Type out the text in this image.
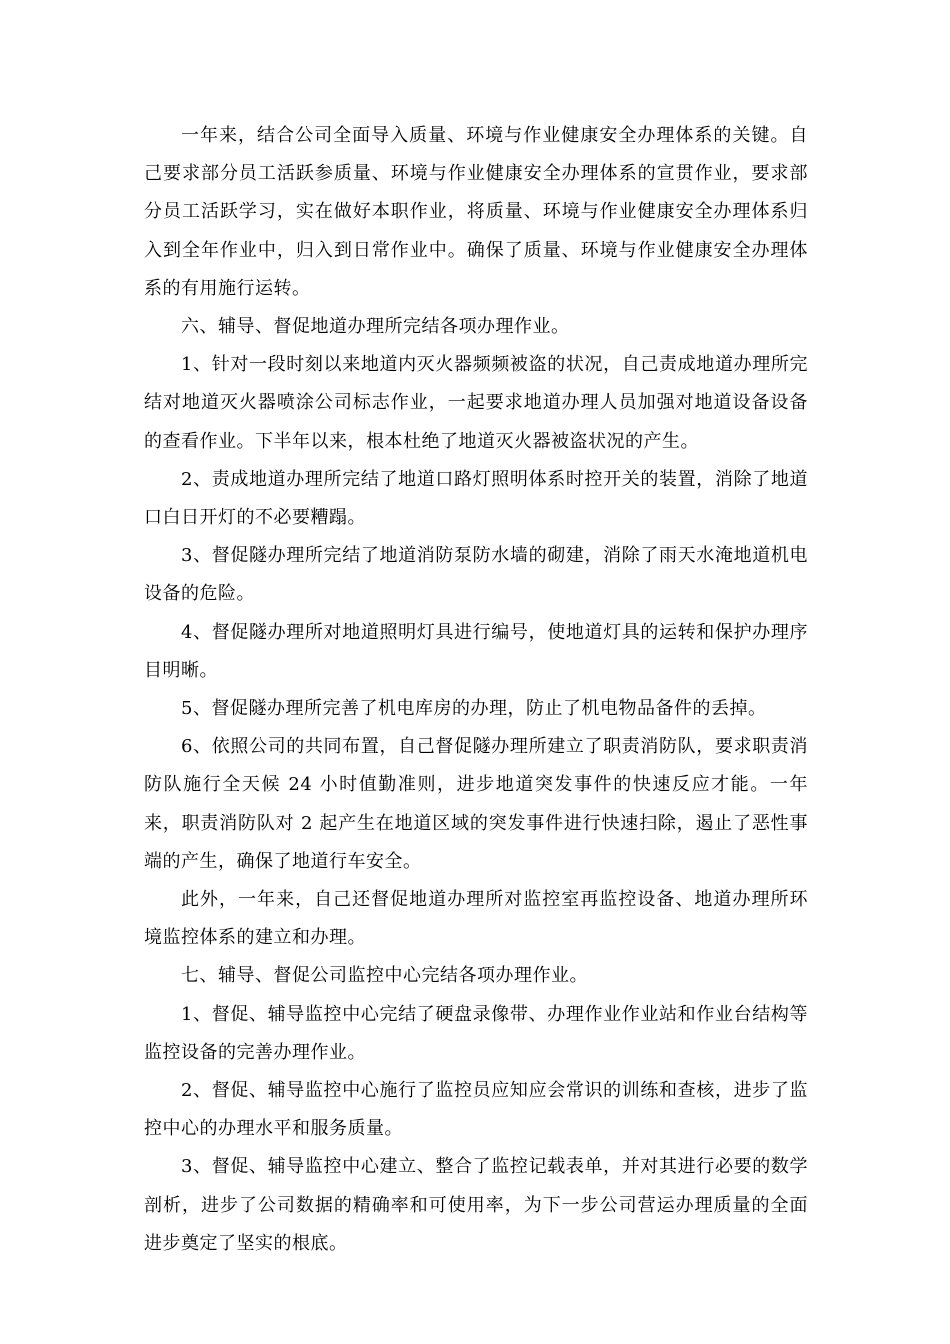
一年来，结合公司全面导入质量、环境与作业健康安全办理体系的关键。自己要求部分员工活跃参质量、环境与作业健康安全办理体系的宣贯作业，要求部分员工活跃学习，实在做好本职作业，将质量、环境与作业健康安全办理体系归入到全年作业中，归入到日常作业中。确保了质量、环境与作业健康安全办理体系的有用施行运转。

六、辅导、督促地道办理所完结各项办理作业。

1、针对一段时刻以来地道内灭火器频频被盗的状况，自己责成地道办理所完结对地道灭火器喷涂公司标志作业，一起要求地道办理人员加强对地道设备设备的查看作业。下半年以来，根本杜绝了地道灭火器被盗状况的产生。

2、责成地道办理所完结了地道口路灯照明体系时控开关的装置，消除了地道口白日开灯的不必要糟蹋。

3、督促隧办理所完结了地道消防泵防水墙的砌建，消除了雨天水淹地道机电设备的危险。

4、督促隧办理所对地道照明灯具进行编号，使地道灯具的运转和保护办理序目明晰。

5、督促隧办理所完善了机电库房的办理，防止了机电物品备件的丢掉。

6、依照公司的共同布置，自己督促隧办理所建立了职责消防队，要求职责消防队施行全天候 24 小时值勤准则，进步地道突发事件的快速反应才能。一年来，职责消防队对 2 起产生在地道区域的突发事件进行快速扫除，遏止了恶性事端的产生，确保了地道行车安全。

此外，一年来，自己还督促地道办理所对监控室再监控设备、地道办理所环境监控体系的建立和办理。

七、辅导、督促公司监控中心完结各项办理作业。

1、督促、辅导监控中心完结了硬盘录像带、办理作业作业站和作业台结构等监控设备的完善办理作业。

2、督促、辅导监控中心施行了监控员应知应会常识的训练和查核，进步了监控中心的办理水平和服务质量。

3、督促、辅导监控中心建立、整合了监控记载表单，并对其进行必要的数学剖析，进步了公司数据的精确率和可使用率，为下一步公司营运办理质量的全面进步奠定了坚实的根底。
